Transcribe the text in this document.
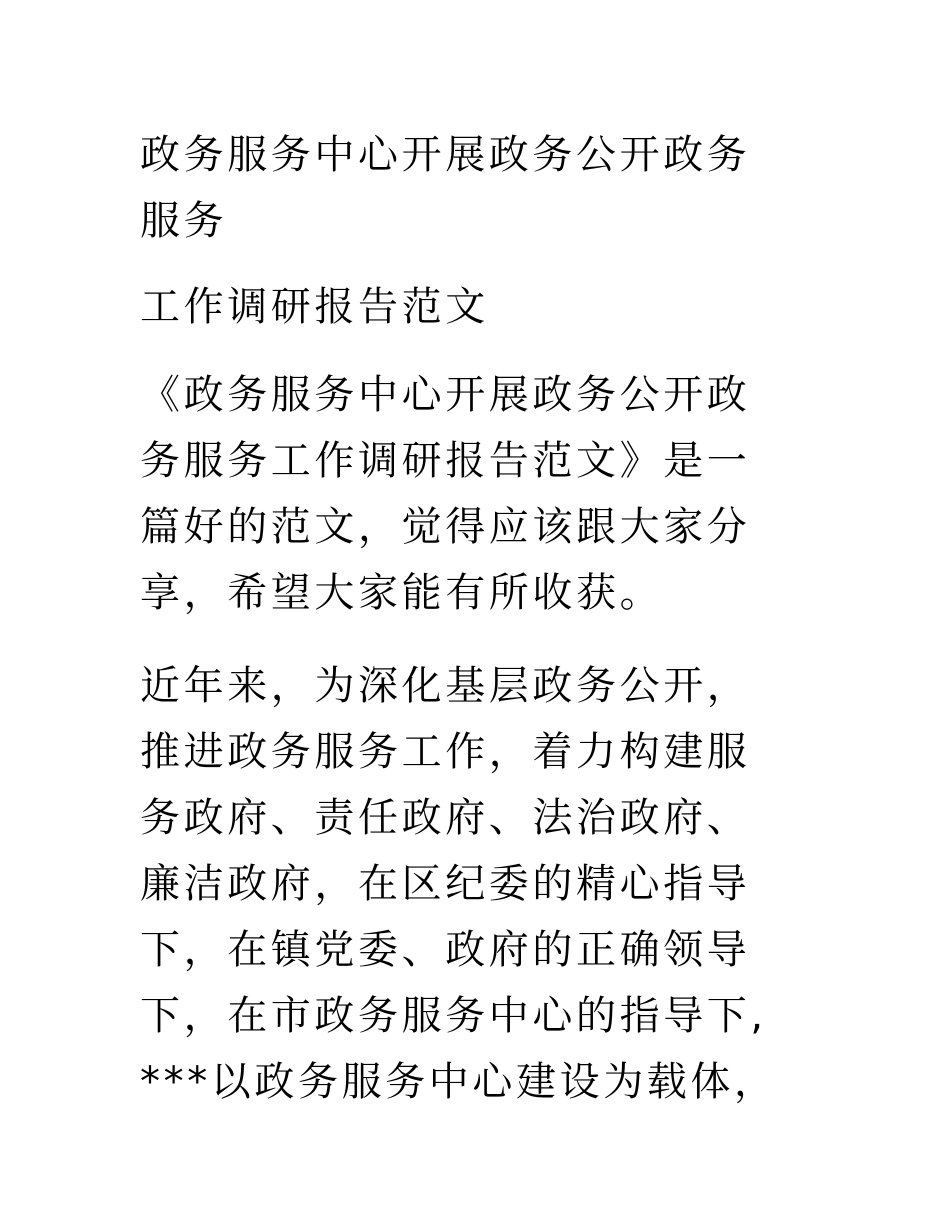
政务服务中心开展政务公开政务
服务
工作调研报告范文
《政务服务中心开展政务公开政
务服务工作调研报告范文》是一
篇好的范文，觉得应该跟大家分
享，希望大家能有所收获。
近年来，为深化基层政务公开，
推进政务服务工作，着力构建服
务政府、责任政府、法治政府、
廉洁政府，在区纪委的精心指导
下，在镇党委、政府的正确领导
下，在市政务服务中心的指导下,
***以政务服务中心建设为载体，
